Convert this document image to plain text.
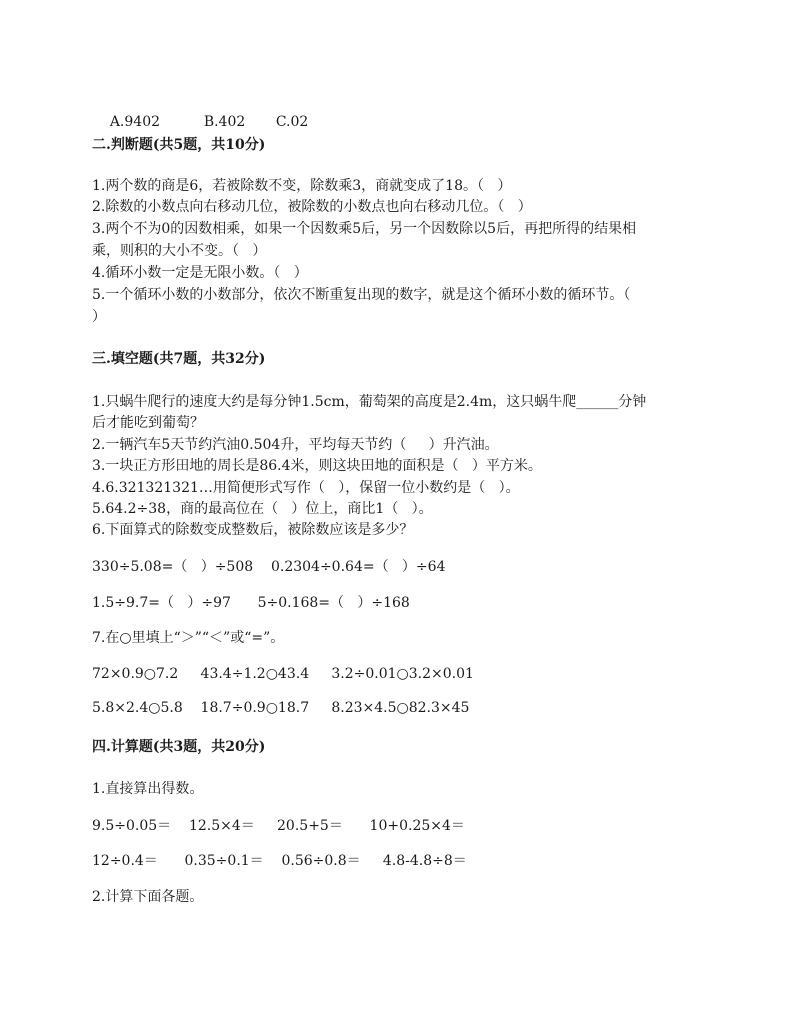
A.9402	B.402 C.02

二.判断题(共5题，共10分)
1.两个数的商是6，若被除数不变，除数乘3，商就变成了18。（   ）
2.除数的小数点向右移动几位，被除数的小数点也向右移动几位。（   ）
3.两个不为0的因数相乘，如果一个因数乘5后，另一个因数除以5后，再把所得的结果相
乘，则积的大小不变。（   ）
4.循环小数一定是无限小数。（   ）
5.一个循环小数的小数部分，依次不断重复出现的数字，就是这个循环小数的循环节。（
）
三.填空题(共7题，共32分)
1.只蜗牛爬行的速度大约是每分钟1.5cm，葡萄架的高度是2.4m，这只蜗牛爬______分钟
后才能吃到葡萄？
2.一辆汽车5天节约汽油0.504升，平均每天节约（     ）升汽油。
3.一块正方形田地的周长是86.4米，则这块田地的面积是（   ）平方米。
4.6.321321321…用简便形式写作（   ），保留一位小数约是（   ）。
5.64.2÷38，商的最高位在（   ）位上，商比1（   ）。
6.下面算式的除数变成整数后，被除数应该是多少？
330÷5.08=（   ）÷508    0.2304÷0.64=（   ）÷64
1.5÷9.7=（   ）÷97      5÷0.168=（   ）÷168
7.在○里填上“＞”“＜”或“=”。
72×0.9○7.2     43.4÷1.2○43.4     3.2÷0.01○3.2×0.01
5.8×2.4○5.8    18.7÷0.9○18.7     8.23×4.5○82.3×45
四.计算题(共3题，共20分)
1.直接算出得数。
9.5÷0.05＝    12.5×4＝     20.5+5＝      10+0.25×4＝
12÷0.4＝      0.35÷0.1＝    0.56÷0.8＝     4.8-4.8÷8＝
2.计算下面各题。
